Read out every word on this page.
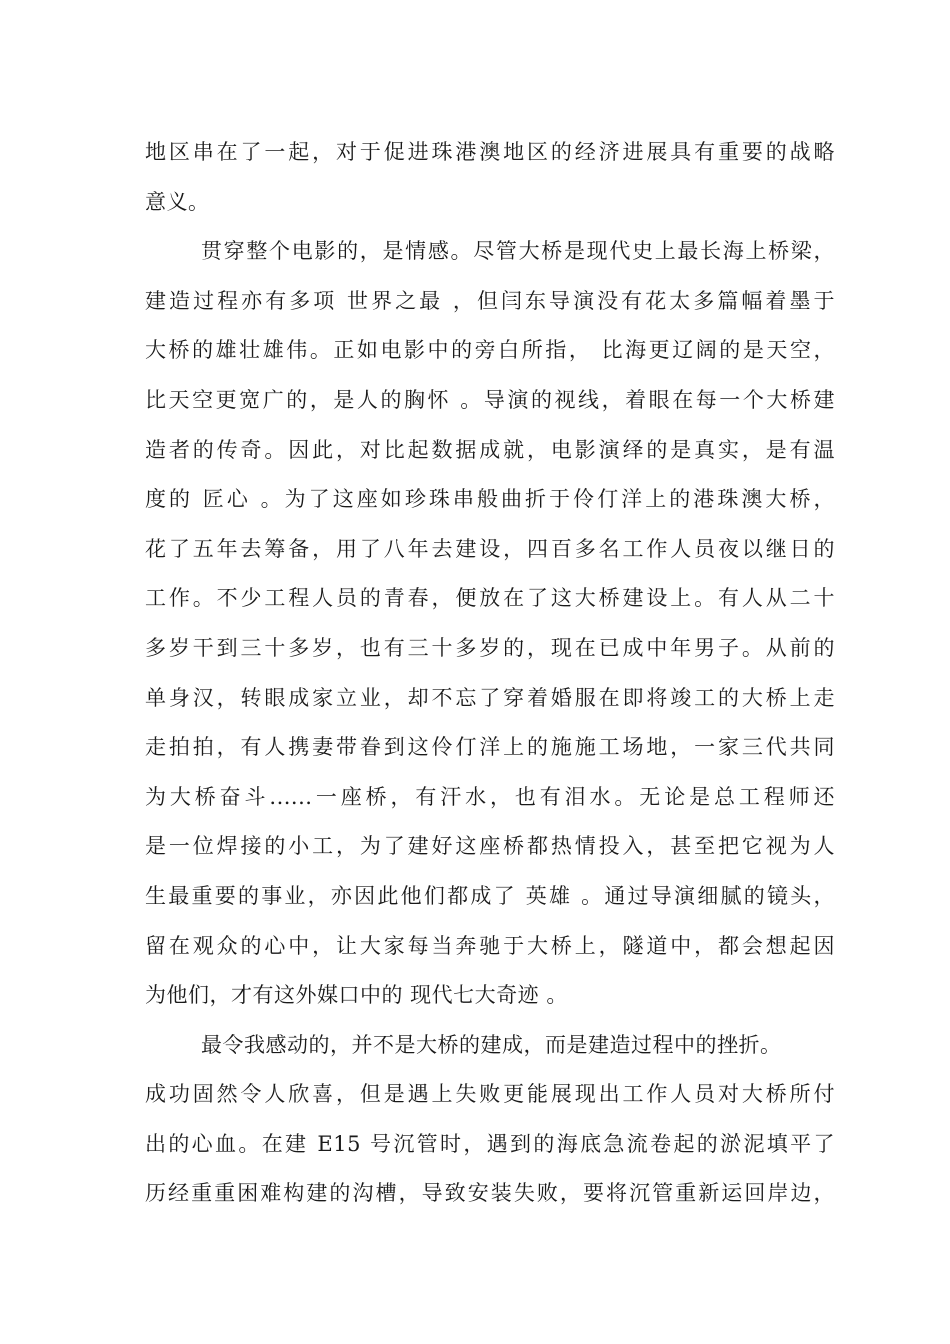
地区串在了一起，对于促进珠港澳地区的经济进展具有重要的战略
意义。
贯穿整个电影的，是情感。尽管大桥是现代史上最长海上桥梁，
建造过程亦有多项 世界之最 ，但闫东导演没有花太多篇幅着墨于
大桥的雄壮雄伟。正如电影中的旁白所指， 比海更辽阔的是天空，
比天空更宽广的，是人的胸怀 。导演的视线，着眼在每一个大桥建
造者的传奇。因此，对比起数据成就，电影演绎的是真实，是有温
度的 匠心 。为了这座如珍珠串般曲折于伶仃洋上的港珠澳大桥，
花了五年去筹备，用了八年去建设，四百多名工作人员夜以继日的
工作。不少工程人员的青春，便放在了这大桥建设上。有人从二十
多岁干到三十多岁，也有三十多岁的，现在已成中年男子。从前的
单身汉，转眼成家立业，却不忘了穿着婚服在即将竣工的大桥上走
走拍拍，有人携妻带眷到这伶仃洋上的施施工场地，一家三代共同
为大桥奋斗......一座桥，有汗水，也有泪水。无论是总工程师还
是一位焊接的小工，为了建好这座桥都热情投入，甚至把它视为人
生最重要的事业，亦因此他们都成了 英雄 。通过导演细腻的镜头，
留在观众的心中，让大家每当奔驰于大桥上，隧道中，都会想起因
为他们，才有这外媒口中的 现代七大奇迹 。
最令我感动的，并不是大桥的建成，而是建造过程中的挫折。
成功固然令人欣喜，但是遇上失败更能展现出工作人员对大桥所付
出的心血。在建 E15 号沉管时，遇到的海底急流卷起的淤泥填平了
历经重重困难构建的沟槽，导致安装失败，要将沉管重新运回岸边，
